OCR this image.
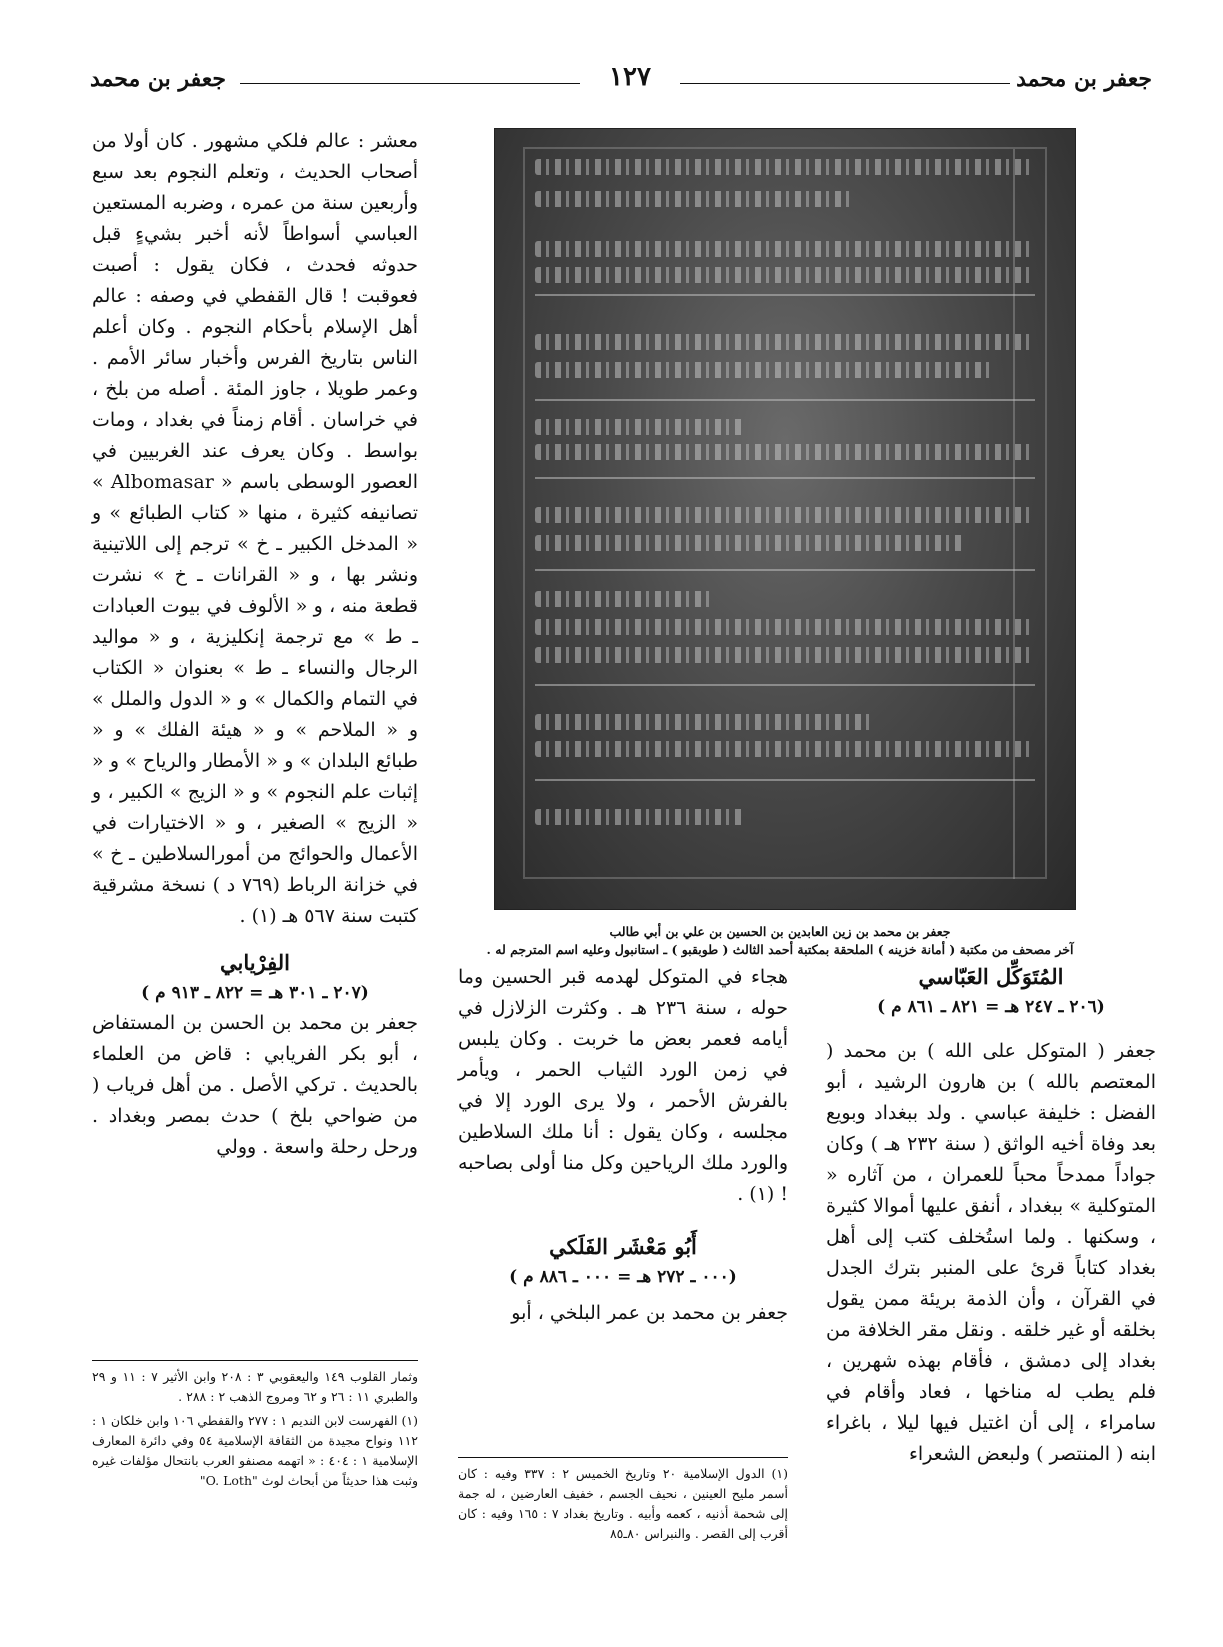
جعفر بن محمد	١٢٧	جعفر بن محمد

معشر : عالم فلكي مشهور . كان أولا من أصحاب الحديث ، وتعلم النجوم بعد سبع وأربعين سنة من عمره ، وضربه المستعين العباسي أسواطاً لأنه أخبر بشيءٍ قبل حدوثه فحدث ، فكان يقول : أصبت فعوقبت ! قال القفطي في وصفه : عالم أهل الإسلام بأحكام النجوم . وكان أعلم الناس بتاريخ الفرس وأخبار سائر الأمم . وعمر طويلا ، جاوز المئة . أصله من بلخ ، في خراسان . أقام زمناً في بغداد ، ومات بواسط . وكان يعرف عند الغربيين في العصور الوسطى باسم « Albomasar » تصانيفه كثيرة ، منها « كتاب الطبائع » و « المدخل الكبير ـ خ » ترجم إلى اللاتينية ونشر بها ، و « القرانات ـ خ » نشرت قطعة منه ، و « الألوف في بيوت العبادات ـ ط » مع ترجمة إنكليزية ، و « مواليد الرجال والنساء ـ ط » بعنوان « الكتاب في التمام والكمال » و « الدول والملل » و « الملاحم » و « هيئة الفلك » و « طبائع البلدان » و « الأمطار والرياح » و « إثبات علم النجوم » و « الزيج » الكبير ، و « الزيج » الصغير ، و « الاختيارات في الأعمال والحوائج من أمورالسلاطين ـ خ » في خزانة الرباط (٧٦٩ د ) نسخة مشرقية كتبت سنة ٥٦٧ هـ (١) .

الفِرْيابي

(٢٠٧ ـ ٣٠١ هـ = ٨٢٢ ـ ٩١٣ م )

جعفر بن محمد بن الحسن بن المستفاض ، أبو بكر الفريابي : قاض من العلماء بالحديث . تركي الأصل . من أهل فرياب ( من ضواحي بلخ ) حدث بمصر وبغداد . ورحل رحلة واسعة . وولي

وثمار القلوب ١٤٩ واليعقوبي ٣ : ٢٠٨ وابن الأثير ٧ : ١١ و ٢٩ والطبري ١١ : ٢٦ و ٦٢ ومروج الذهب ٢ : ٢٨٨ .

(١) الفهرست لابن النديم ١ : ٢٧٧ والقفطي ١٠٦ وابن خلكان ١ : ١١٢ ونواح مجيدة من الثقافة الإسلامية ٥٤ وفي دائرة المعارف الإسلامية ١ : ٤٠٤ : « اتهمه مصنفو العرب بانتحال مؤلفات غيره وثبت هذا حديثاً من أبحاث لوث "O. Loth"

جعفر بن محمد بن زين العابدين بن الحسين بن علي بن أبي طالب
آخر مصحف من مكتبة ( أمانة خزينه ) الملحقة بمكتبة أحمد الثالث ( طوبقبو ) ـ استانبول وعليه اسم المترجم له .

هجاء في المتوكل لهدمه قبر الحسين وما حوله ، سنة ٢٣٦ هـ . وكثرت الزلازل في أيامه فعمر بعض ما خربت . وكان يلبس في زمن الورد الثياب الحمر ، ويأمر بالفرش الأحمر ، ولا يرى الورد إلا في مجلسه ، وكان يقول : أنا ملك السلاطين والورد ملك الرياحين وكل منا أولى بصاحبه ! (١) .

أَبُو مَعْشَر الفَلَكي

(٠٠٠ ـ ٢٧٢ هـ = ٠٠٠ ـ ٨٨٦ م )

جعفر بن محمد بن عمر البلخي ، أبو

(١) الدول الإسلامية ٢٠ وتاريخ الخميس ٢ : ٣٣٧ وفيه : كان أسمر مليح العينين ، نحيف الجسم ، خفيف العارضين ، له جمة إلى شحمة أذنيه ، كعمه وأبيه . وتاريخ بغداد ٧ : ١٦٥ وفيه : كان أقرب إلى القصر . والنبراس ٨٠ـ٨٥

المُتَوَكِّل العَبّاسي

(٢٠٦ ـ ٢٤٧ هـ = ٨٢١ ـ ٨٦١ م )

جعفر ( المتوكل على الله ) بن محمد ( المعتصم بالله ) بن هارون الرشيد ، أبو الفضل : خليفة عباسي . ولد ببغداد وبويع بعد وفاة أخيه الواثق ( سنة ٢٣٢ هـ ) وكان جواداً ممدحاً محباً للعمران ، من آثاره « المتوكلية » ببغداد ، أنفق عليها أموالا كثيرة ، وسكنها . ولما استُخلف كتب إلى أهل بغداد كتاباً قرئ على المنبر بترك الجدل في القرآن ، وأن الذمة بريئة ممن يقول بخلقه أو غير خلقه . ونقل مقر الخلافة من بغداد إلى دمشق ، فأقام بهذه شهرين ، فلم يطب له مناخها ، فعاد وأقام في سامراء ، إلى أن اغتيل فيها ليلا ، باغراء ابنه ( المنتصر ) ولبعض الشعراء
